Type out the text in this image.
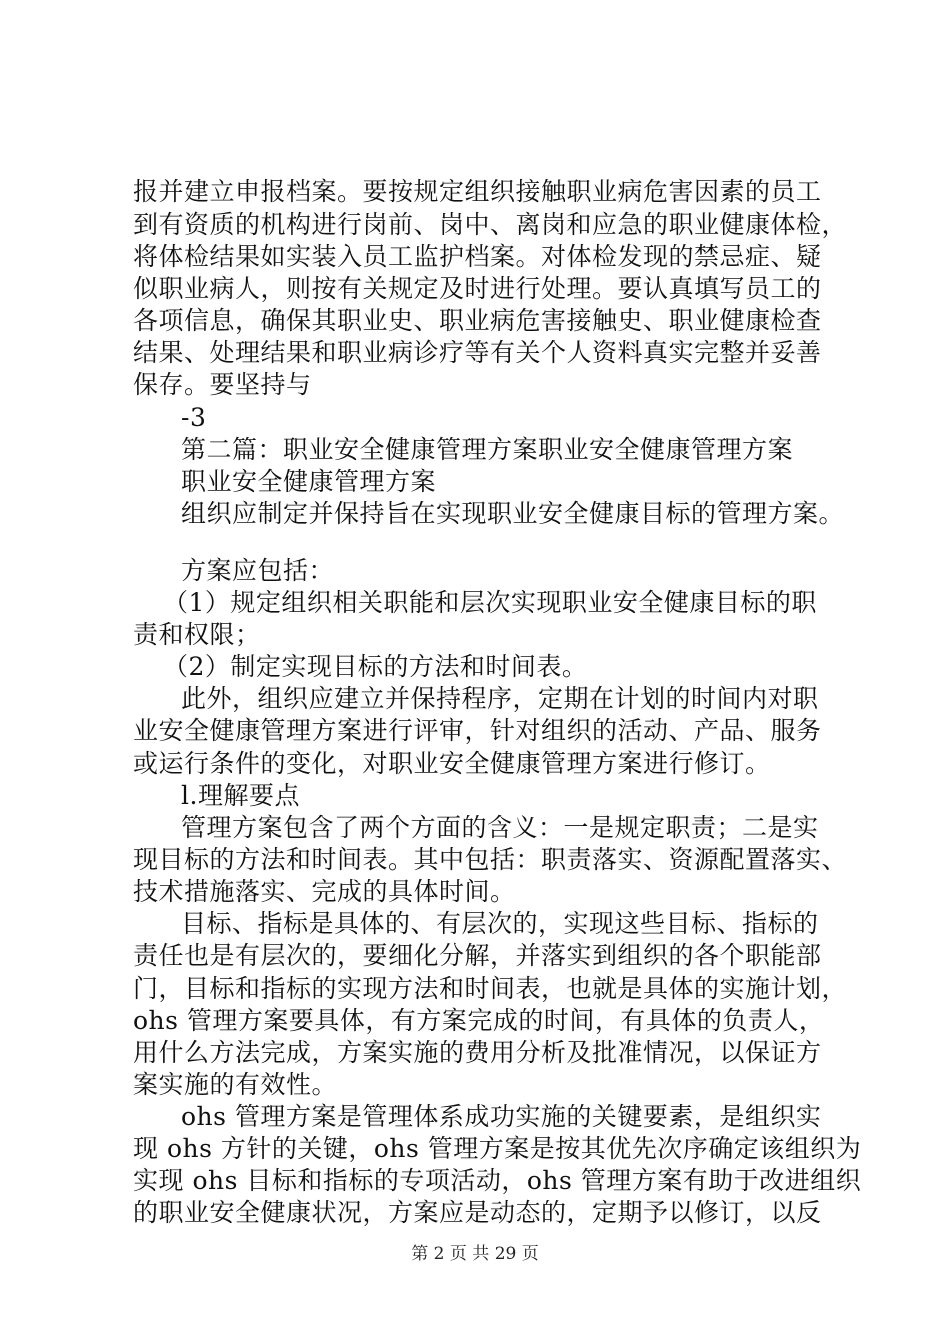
报并建立申报档案。要按规定组织接触职业病危害因素的员工
到有资质的机构进行岗前、岗中、离岗和应急的职业健康体检，
将体检结果如实装入员工监护档案。对体检发现的禁忌症、疑
似职业病人，则按有关规定及时进行处理。要认真填写员工的
各项信息，确保其职业史、职业病危害接触史、职业健康检查
结果、处理结果和职业病诊疗等有关个人资料真实完整并妥善
保存。要坚持与
-3
第二篇：职业安全健康管理方案职业安全健康管理方案
职业安全健康管理方案
组织应制定并保持旨在实现职业安全健康目标的管理方案。
方案应包括：
（1）规定组织相关职能和层次实现职业安全健康目标的职
责和权限；
（2）制定实现目标的方法和时间表。
此外，组织应建立并保持程序，定期在计划的时间内对职
业安全健康管理方案进行评审，针对组织的活动、产品、服务
或运行条件的变化，对职业安全健康管理方案进行修订。
l.理解要点
管理方案包含了两个方面的含义：一是规定职责；二是实
现目标的方法和时间表。其中包括：职责落实、资源配置落实、
技术措施落实、完成的具体时间。
目标、指标是具体的、有层次的，实现这些目标、指标的
责任也是有层次的，要细化分解，并落实到组织的各个职能部
门，目标和指标的实现方法和时间表，也就是具体的实施计划，
ohs 管理方案要具体，有方案完成的时间，有具体的负责人，
用什么方法完成，方案实施的费用分析及批准情况，以保证方
案实施的有效性。
ohs 管理方案是管理体系成功实施的关键要素，是组织实
现 ohs 方针的关键，ohs 管理方案是按其优先次序确定该组织为
实现 ohs 目标和指标的专项活动，ohs 管理方案有助于改进组织
的职业安全健康状况，方案应是动态的，定期予以修订，以反
第 2 页 共 29 页
